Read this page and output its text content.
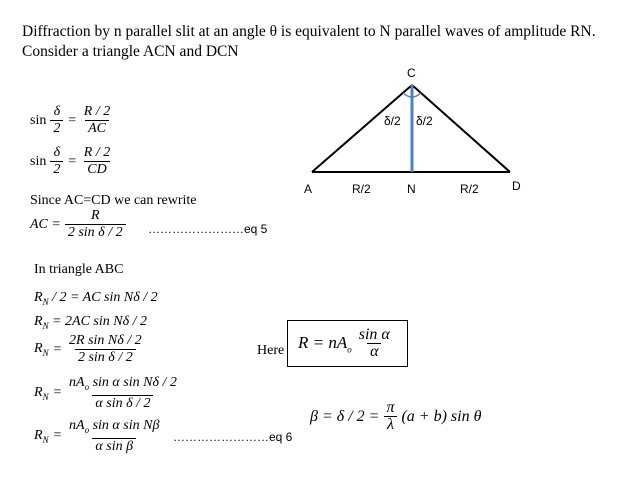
Diffraction by n parallel slit at an angle θ is equivalent to N parallel waves of amplitude RN.
Consider a triangle ACN and DCN
C
δ/2 δ/2
A	R/2	N	R/2	D
$\sin \frac{\delta}{2} = \frac{R / 2}{AC}$
$\sin \frac{\delta}{2} = \frac{R / 2}{CD}$
Since AC=CD we can rewrite
AC = $\frac{R}{\text{2 sin δ / 2}}$ ……………………eq 5
In triangle ABC
$R_N / 2$ = AC sin Nδ / 2
$R_N = 2AC$ sin Nδ / 2
$R_N = \frac{\text{2R sin Nδ / 2}}{\text{2 sin δ / 2}}$	Here $R = nA_o \frac{\text{sin α}}{\alpha}$
$R_N = \frac{nA_o \sin \alpha \sin N\delta / 2}{\text{α sin δ / 2}}$
$\beta = \delta / 2 = \frac{\pi}{\lambda} (a + b)$ sin θ
$R_N = \frac{nA_o \sin \alpha \sin N\beta}{\text{α sin β}}$ ……………………eq 6
